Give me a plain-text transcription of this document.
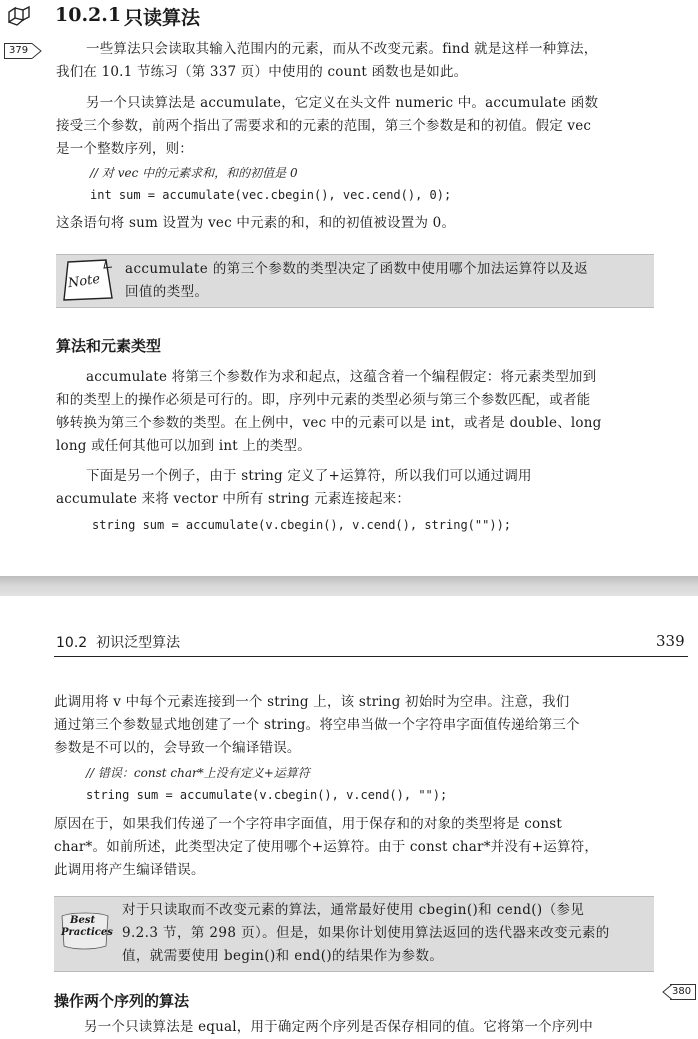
10.2.1 只读算法
379	一些算法只会读取其输入范围内的元素，而从不改变元素。find 就是这样一种算法，

我们在 10.1 节练习（第 337 页）中使用的 count 函数也是如此。

另一个只读算法是 accumulate，它定义在头文件 numeric 中。accumulate 函数

接受三个参数，前两个指出了需要求和的元素的范围，第三个参数是和的初值。假定 vec

是一个整数序列，则：

// 对 vec 中的元素求和，和的初值是 0
int sum = accumulate(vec.cbegin(), vec.cend(), 0);

这条语句将 sum 设置为 vec 中元素的和，和的初值被设置为 0。

Note
accumulate 的第三个参数的类型决定了函数中使用哪个加法运算符以及返
回值的类型。
算法和元素类型

accumulate 将第三个参数作为求和起点，这蕴含着一个编程假定：将元素类型加到

和的类型上的操作必须是可行的。即，序列中元素的类型必须与第三个参数匹配，或者能

够转换为第三个参数的类型。在上例中，vec 中的元素可以是 int，或者是 double、long

long 或任何其他可以加到 int 上的类型。

下面是另一个例子，由于 string 定义了+运算符，所以我们可以通过调用

accumulate 来将 vector 中所有 string 元素连接起来：

string sum = accumulate(v.cbegin(), v.cend(), string(""));
10.2  初识泛型算法	339

此调用将 v 中每个元素连接到一个 string 上，该 string 初始时为空串。注意，我们

通过第三个参数显式地创建了一个 string。将空串当做一个字符串字面值传递给第三个

参数是不可以的，会导致一个编译错误。

// 错误：const char*上没有定义+运算符
string sum = accumulate(v.cbegin(), v.cend(), "");

原因在于，如果我们传递了一个字符串字面值，用于保存和的对象的类型将是 const

char*。如前所述，此类型决定了使用哪个+运算符。由于 const char*并没有+运算符，

此调用将产生编译错误。

Best
Practices
对于只读取而不改变元素的算法，通常最好使用 cbegin()和 cend()（参见
9.2.3 节，第 298 页）。但是，如果你计划使用算法返回的迭代器来改变元素的
值，就需要使用 begin()和 end()的结果作为参数。
操作两个序列的算法
380

另一个只读算法是 equal，用于确定两个序列是否保存相同的值。它将第一个序列中
